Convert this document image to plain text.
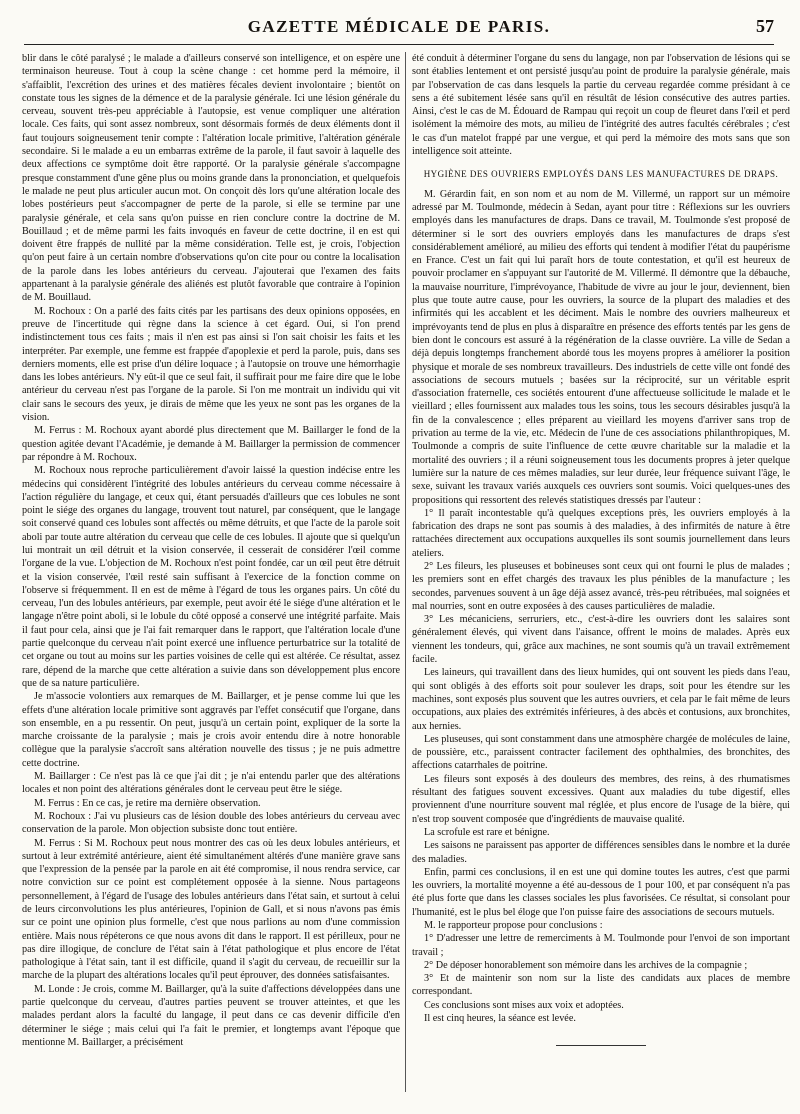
GAZETTE MÉDICALE DE PARIS.	57

blir dans le côté paralysé ; le malade a d'ailleurs conservé son intelligence, et on espère une terminaison heureuse. Tout à coup la scène change : cet homme perd la mémoire, il s'affaiblit, l'excrétion des urines et des matières fécales devient involontaire ; bientôt on constate tous les signes de la démence et de la paralysie générale. Ici une lésion générale du cerveau, souvent très-peu appréciable à l'autopsie, est venue compliquer une altération locale. Ces faits, qui sont assez nombreux, sont désormais formés de deux éléments dont il faut toujours soigneusement tenir compte : l'altération locale primitive, l'altération générale secondaire. Si le malade a eu un embarras extrême de la parole, il faut savoir à laquelle des deux affections ce symptôme doit être rapporté. Or la paralysie générale s'accompagne presque constamment d'une gêne plus ou moins grande dans la prononciation, et quelquefois le malade ne peut plus articuler aucun mot. On conçoit dès lors qu'une altération locale des lobes postérieurs peut s'accompagner de perte de la parole, si elle se termine par une paralysie générale, et cela sans qu'on puisse en rien conclure contre la doctrine de M. Bouillaud ; et de même parmi les faits invoqués en faveur de cette doctrine, il en est qui doivent être frappés de nullité par la même considération. Telle est, je crois, l'objection qu'on peut faire à un certain nombre d'observations qu'on cite pour ou contre la localisation de la parole dans les lobes antérieurs du cerveau. J'ajouterai que l'examen des faits appartenant à la paralysie générale des aliénés est plutôt favorable que contraire à l'opinion de M. Bouillaud.

M. Rochoux : On a parlé des faits cités par les partisans des deux opinions opposées, en preuve de l'incertitude qui règne dans la science à cet égard. Oui, si l'on prend indistinctement tous ces faits ; mais il n'en est pas ainsi si l'on sait choisir les faits et les interpréter. Par exemple, une femme est frappée d'apoplexie et perd la parole, puis, dans ses derniers moments, elle est prise d'un délire loquace ; à l'autopsie on trouve une hémorrhagie dans les lobes antérieurs. N'y eût-il que ce seul fait, il suffirait pour me faire dire que le lobe antérieur du cerveau n'est pas l'organe de la parole. Si l'on me montrait un individu qui vit clair sans le secours des yeux, je dirais de même que les yeux ne sont pas les organes de la vision.

M. Ferrus : M. Rochoux ayant abordé plus directement que M. Baillarger le fond de la question agitée devant l'Académie, je demande à M. Baillarger la permission de commencer par répondre à M. Rochoux.

M. Rochoux nous reproche particulièrement d'avoir laissé la question indécise entre les médecins qui considèrent l'intégrité des lobules antérieurs du cerveau comme nécessaire à l'action régulière du langage, et ceux qui, étant persuadés d'ailleurs que ces lobules ne sont point le siége des organes du langage, trouvent tout naturel, par conséquent, que le langage soit conservé quand ces lobules sont affectés ou même détruits, et que l'acte de la parole soit aboli par toute autre altération du cerveau que celle de ces lobules. Il ajoute que si quelqu'un lui montrait un œil détruit et la vision conservée, il cesserait de considérer l'œil comme l'organe de la vue. L'objection de M. Rochoux n'est point fondée, car un œil peut être détruit et la vision conservée, l'œil resté sain suffisant à l'exercice de la fonction comme on l'observe si fréquemment. Il en est de même à l'égard de tous les organes pairs. Un côté du cerveau, l'un des lobules antérieurs, par exemple, peut avoir été le siége d'une altération et le langage n'être point aboli, si le lobule du côté opposé a conservé une intégrité parfaite. Mais il faut pour cela, ainsi que je l'ai fait remarquer dans le rapport, que l'altération locale d'une partie quelconque du cerveau n'ait point exercé une influence perturbatrice sur la totalité de cet organe ou tout au moins sur les parties voisines de celle qui est altérée. Ce résultat, assez rare, dépend de la marche que cette altération a suivie dans son développement plus encore que de sa nature particulière.

Je m'associe volontiers aux remarques de M. Baillarger, et je pense comme lui que les effets d'une altération locale primitive sont aggravés par l'effet consécutif que l'organe, dans son ensemble, en a pu ressentir. On peut, jusqu'à un certain point, expliquer de la sorte la marche croissante de la paralysie ; mais je crois avoir entendu dire à notre honorable collègue que la paralysie s'accroît sans altération nouvelle des tissus ; je ne puis admettre cette doctrine.

M. Baillarger : Ce n'est pas là ce que j'ai dit ; je n'ai entendu parler que des altérations locales et non point des altérations générales dont le cerveau peut être le siége.

M. Ferrus : En ce cas, je retire ma dernière observation.

M. Rochoux : J'ai vu plusieurs cas de lésion double des lobes antérieurs du cerveau avec conservation de la parole. Mon objection subsiste donc tout entière.

M. Ferrus : Si M. Rochoux peut nous montrer des cas où les deux lobules antérieurs, et surtout à leur extrémité antérieure, aient été simultanément altérés d'une manière grave sans que l'expression de la pensée par la parole en ait été compromise, il nous rendra service, car notre conviction sur ce point est complétement opposée à la sienne. Nous partageons personnellement, à l'égard de l'usage des lobules antérieurs dans l'état sain, et surtout à celui de leurs circonvolutions les plus antérieures, l'opinion de Gall, et si nous n'avons pas émis sur ce point une opinion plus formelle, c'est que nous parlions au nom d'une commission entière. Mais nous répéterons ce que nous avons dit dans le rapport. Il est périlleux, pour ne pas dire illogique, de conclure de l'état sain à l'état pathologique et plus encore de l'état pathologique à l'état sain, tant il est difficile, quand il s'agit du cerveau, de recueillir sur la marche de la plupart des altérations locales qu'il peut éprouver, des données satisfaisantes.

M. Londe : Je crois, comme M. Baillarger, qu'à la suite d'affections développées dans une partie quelconque du cerveau, d'autres parties peuvent se trouver atteintes, et que les malades perdant alors la faculté du langage, il peut dans ce cas devenir difficile d'en déterminer le siége ; mais celui qui l'a fait le premier, et longtemps avant l'époque que mentionne M. Baillarger, a précisément

été conduit à déterminer l'organe du sens du langage, non par l'observation de lésions qui se sont établies lentement et ont persisté jusqu'au point de produire la paralysie générale, mais par l'observation de cas dans lesquels la partie du cerveau regardée comme présidant à ce sens a été subitement lésée sans qu'il en résultât de lésion consécutive des autres parties. Ainsi, c'est le cas de M. Édouard de Rampau qui reçoit un coup de fleuret dans l'œil et perd isolément la mémoire des mots, au milieu de l'intégrité des autres facultés cérébrales ; c'est le cas d'un matelot frappé par une vergue, et qui perd la mémoire des mots sans que son intelligence soit atteinte.

HYGIÈNE DES OUVRIERS EMPLOYÉS DANS LES MANUFACTURES DE DRAPS.

M. Gérardin fait, en son nom et au nom de M. Villermé, un rapport sur un mémoire adressé par M. Toulmonde, médecin à Sedan, ayant pour titre : Réflexions sur les ouvriers employés dans les manufactures de draps. Dans ce travail, M. Toulmonde s'est proposé de déterminer si le sort des ouvriers employés dans les manufactures de draps s'est considérablement amélioré, au milieu des efforts qui tendent à modifier l'état du paupérisme en France. C'est un fait qui lui paraît hors de toute contestation, et qu'il est heureux de pouvoir proclamer en s'appuyant sur l'autorité de M. Villermé. Il démontre que la débauche, la mauvaise nourriture, l'imprévoyance, l'habitude de vivre au jour le jour, deviennent, bien plus que toute autre cause, pour les ouvriers, la source de la plupart des maladies et des infirmités qui les accablent et les déciment. Mais le nombre des ouvriers malheureux et imprévoyants tend de plus en plus à disparaître en présence des efforts tentés par les gens de bien dont le concours est assuré à la régénération de la classe ouvrière. La ville de Sedan a déjà depuis longtemps franchement abordé tous les moyens propres à améliorer la position physique et morale de ses nombreux travailleurs. Des industriels de cette ville ont fondé des associations de secours mutuels ; basées sur la réciprocité, sur un véritable esprit d'association fraternelle, ces sociétés entourent d'une affectueuse sollicitude le malade et le vieillard ; elles fournissent aux malades tous les soins, tous les secours désirables jusqu'à la fin de la convalescence ; elles préparent au vieillard les moyens d'arriver sans trop de privation au terme de la vie, etc. Médecin de l'une de ces associations philanthropiques, M. Toulmonde a compris de suite l'influence de cette œuvre charitable sur la maladie et la mortalité des ouvriers ; il a réuni soigneusement tous les documents propres à jeter quelque lumière sur la nature de ces mêmes maladies, sur leur durée, leur fréquence suivant l'âge, le sexe, suivant les travaux variés auxquels ces ouvriers sont soumis. Voici quelques-unes des propositions qui ressortent des relevés statistiques dressés par l'auteur :

1° Il paraît incontestable qu'à quelques exceptions près, les ouvriers employés à la fabrication des draps ne sont pas soumis à des maladies, à des infirmités de nature à être rattachées directement aux occupations auxquelles ils sont soumis journellement dans leurs ateliers.

2° Les fileurs, les pluseuses et bobineuses sont ceux qui ont fourni le plus de malades ; les premiers sont en effet chargés des travaux les plus pénibles de la manufacture ; les secondes, parvenues souvent à un âge déjà assez avancé, très-peu rétribuées, mal soignées et mal nourries, sont en outre exposées à des causes particulières de maladie.

3° Les mécaniciens, serruriers, etc., c'est-à-dire les ouvriers dont les salaires sont généralement élevés, qui vivent dans l'aisance, offrent le moins de malades. Après eux viennent les tondeurs, qui, grâce aux machines, ne sont soumis qu'à un travail extrêmement facile.

Les laineurs, qui travaillent dans des lieux humides, qui ont souvent les pieds dans l'eau, qui sont obligés à des efforts soit pour soulever les draps, soit pour les étendre sur les machines, sont exposés plus souvent que les autres ouvriers, et cela par le fait même de leurs occupations, aux plaies des extrémités inférieures, à des abcès et contusions, aux bronchites, aux hernies.

Les pluseuses, qui sont constamment dans une atmosphère chargée de molécules de laine, de poussière, etc., paraissent contracter facilement des ophthalmies, des bronchites, des affections catarrhales de poitrine.

Les fileurs sont exposés à des douleurs des membres, des reins, à des rhumatismes résultant des fatigues souvent excessives. Quant aux maladies du tube digestif, elles proviennent d'une nourriture souvent mal réglée, et plus encore de l'usage de la bière, qui n'est trop souvent composée que d'ingrédients de mauvaise qualité.

La scrofule est rare et bénigne.

Les saisons ne paraissent pas apporter de différences sensibles dans le nombre et la durée des maladies.

Enfin, parmi ces conclusions, il en est une qui domine toutes les autres, c'est que parmi les ouvriers, la mortalité moyenne a été au-dessous de 1 pour 100, et par conséquent n'a pas été plus forte que dans les classes sociales les plus favorisées. Ce résultat, si consolant pour l'humanité, est le plus bel éloge que l'on puisse faire des associations de secours mutuels.

M. le rapporteur propose pour conclusions :

1° D'adresser une lettre de remerciments à M. Toulmonde pour l'envoi de son important travail ;

2° De déposer honorablement son mémoire dans les archives de la compagnie ;

3° Et de maintenir son nom sur la liste des candidats aux places de membre correspondant.

Ces conclusions sont mises aux voix et adoptées.

Il est cinq heures, la séance est levée.
